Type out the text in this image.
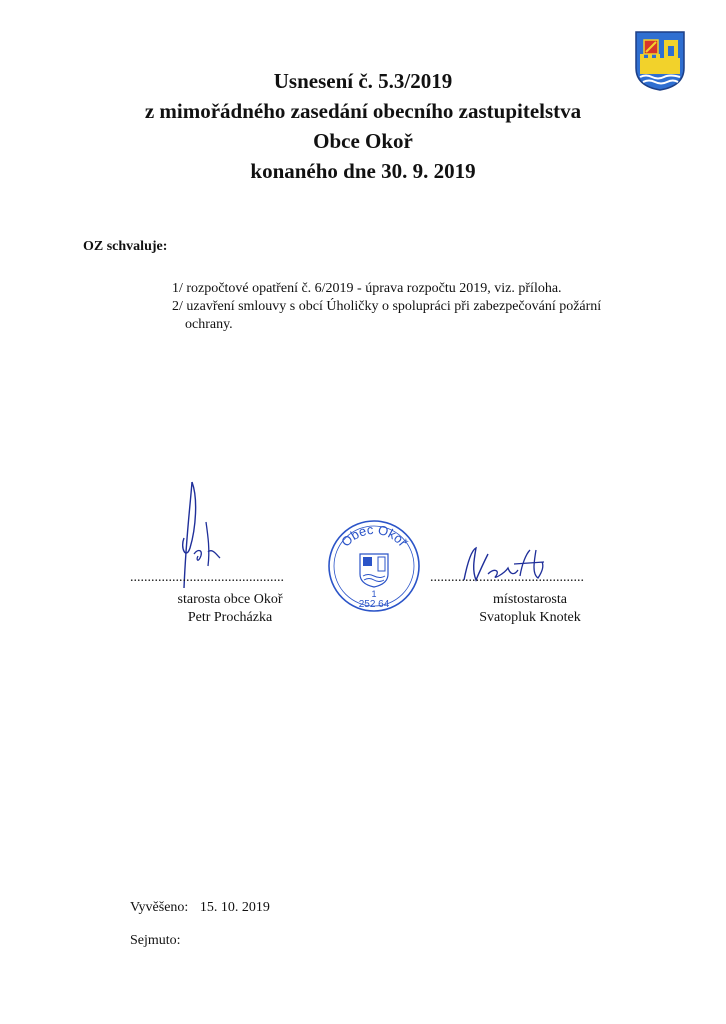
Usnesení č. 5.3/2019
z mimořádného zasedání obecního zastupitelstva
Obce Okoř
konaného dne 30. 9. 2019
OZ schvaluje:
1/ rozpočtové opatření č. 6/2019 - úprava rozpočtu 2019, viz. příloha.
2/ uzavření smlouvy s obcí Úholičky o spolupráci při zabezpečování požární
ochrany.
............................................	............................................
starosta obce Okoř
Petr Procházka
místostarosta
Svatopluk Knotek
Obec Okoř
1
252 64
Vyvěšeno: 15. 10. 2019
Sejmuto:
